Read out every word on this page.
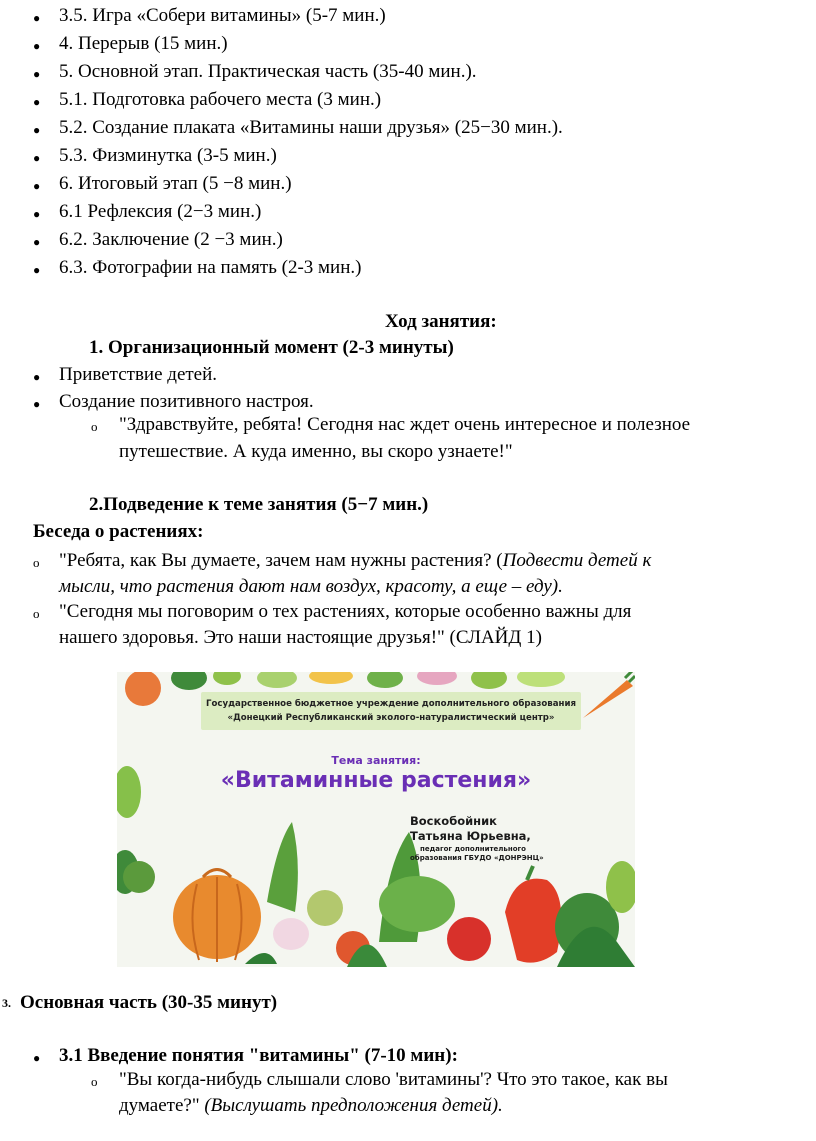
● 3.5. Игра «Собери витамины» (5-7 мин.)
● 4. Перерыв (15 мин.)
● 5. Основной этап. Практическая часть (35-40 мин.).
● 5.1. Подготовка рабочего места (3 мин.)
● 5.2. Создание плаката «Витамины наши друзья» (25−30 мин.).
● 5.3. Физминутка (3-5 мин.)
● 6. Итоговый этап (5 −8 мин.)
● 6.1 Рефлексия (2−3 мин.)
● 6.2. Заключение (2 −3 мин.)
● 6.3. Фотографии на память (2-3 мин.)
Ход занятия:
1. Организационный момент (2-3 минуты)
● Приветствие детей.
● Создание позитивного настроя.
o "Здравствуйте, ребята! Сегодня нас ждет очень интересное и полезное
путешествие. А куда именно, вы скоро узнаете!"
2.Подведение к теме занятия (5−7 мин.)
Беседа о растениях:
o "Ребята, как Вы думаете, зачем нам нужны растения? (Подвести детей к
мысли, что растения дают нам воздух, красоту, а еще – еду).
o "Сегодня мы поговорим о тех растениях, которые особенно важны для
нашего здоровья. Это наши настоящие друзья!" (СЛАЙД 1)
Государственное бюджетное учреждение дополнительного образования
«Донецкий Республиканский эколого-натуралистический центр»
Тема занятия:
«Витаминные растения»
Воскобойник
Татьяна Юрьевна,
педагог дополнительного
образования ГБУДО «ДОНРЭНЦ»
3. Основная часть (30-35 минут)
● 3.1 Введение понятия "витамины" (7-10 мин):
o "Вы когда-нибудь слышали слово 'витамины'? Что это такое, как вы
думаете?" (Выслушать предположения детей).
